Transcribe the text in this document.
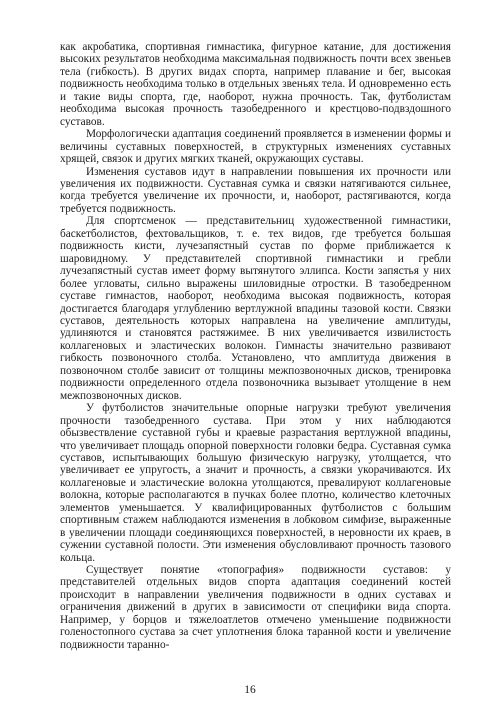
как акробатика, спортивная гимнастика, фигурное катание, для достижения высоких результатов необходима максимальная подвижность почти всех звеньев тела (гибкость). В других видах спорта, например плавание и бег, высокая подвижность необходима только в отдельных звеньях тела. И одновременно есть и такие виды спорта, где, наоборот, нужна прочность. Так, футболистам необходима высокая прочность тазобедренного и крестцово-подвздошного суставов.

Морфологически адаптация соединений проявляется в изменении формы и величины суставных поверхностей, в структурных изменениях суставных хрящей, связок и других мягких тканей, окружающих суставы.

Изменения суставов идут в направлении повышения их прочности или увеличения их подвижности. Суставная сумка и связки натягиваются сильнее, когда требуется увеличение их прочности, и, наоборот, растягиваются, когда требуется подвижность.

Для спортсменок — представительниц художественной гимнастики, баскетболистов, фехтовальщиков, т. е. тех видов, где требуется большая подвижность кисти, лучезапястный сустав по форме приближается к шаровидному. У представителей спортивной гимнастики и гребли лучезапястный сустав имеет форму вытянутого эллипса. Кости запястья у них более угловаты, сильно выражены шиловидные отростки. В тазобедренном суставе гимнастов, наоборот, необходима высокая подвижность, которая достигается благодаря углублению вертлужной впадины тазовой кости. Связки суставов, деятельность которых направлена на увеличение амплитуды, удлиняются и становятся растяжимее. В них увеличивается извилистость коллагеновых и эластических волокон. Гимнасты значительно развивают гибкость позвоночного столба. Установлено, что амплитуда движения в позвоночном столбе зависит от толщины межпозвоночных дисков, тренировка подвижности определенного отдела позвоночника вызывает утолщение в нем межпозвоночных дисков.

У футболистов значительные опорные нагрузки требуют увеличения прочности тазобедренного сустава. При этом у них наблюдаются обызвествление суставной губы и краевые разрастания вертлужной впадины, что увеличивает площадь опорной поверхности головки бедра. Суставная сумка суставов, испытывающих большую физическую нагрузку, утолщается, что увеличивает ее упругость, а значит и прочность, а связки укорачиваются. Их коллагеновые и эластические волокна утолщаются, превалируют коллагеновые волокна, которые располагаются в пучках более плотно, количество клеточных элементов уменьшается. У квалифицированных футболистов с большим спортивным стажем наблюдаются изменения в лобковом симфизе, выраженные в увеличении площади соединяющихся поверхностей, в неровности их краев, в сужении суставной полости. Эти изменения обусловливают прочность тазового кольца.

Существует понятие «топография» подвижности суставов: у представителей отдельных видов спорта адаптация соединений костей происходит в направлении увеличения подвижности в одних суставах и ограничения движений в других в зависимости от специфики вида спорта. Например, у борцов и тяжелоатлетов отмечено уменьшение подвижности голеностопного сустава за счет уплотнения блока таранной кости и увеличение подвижности таранно-

16
